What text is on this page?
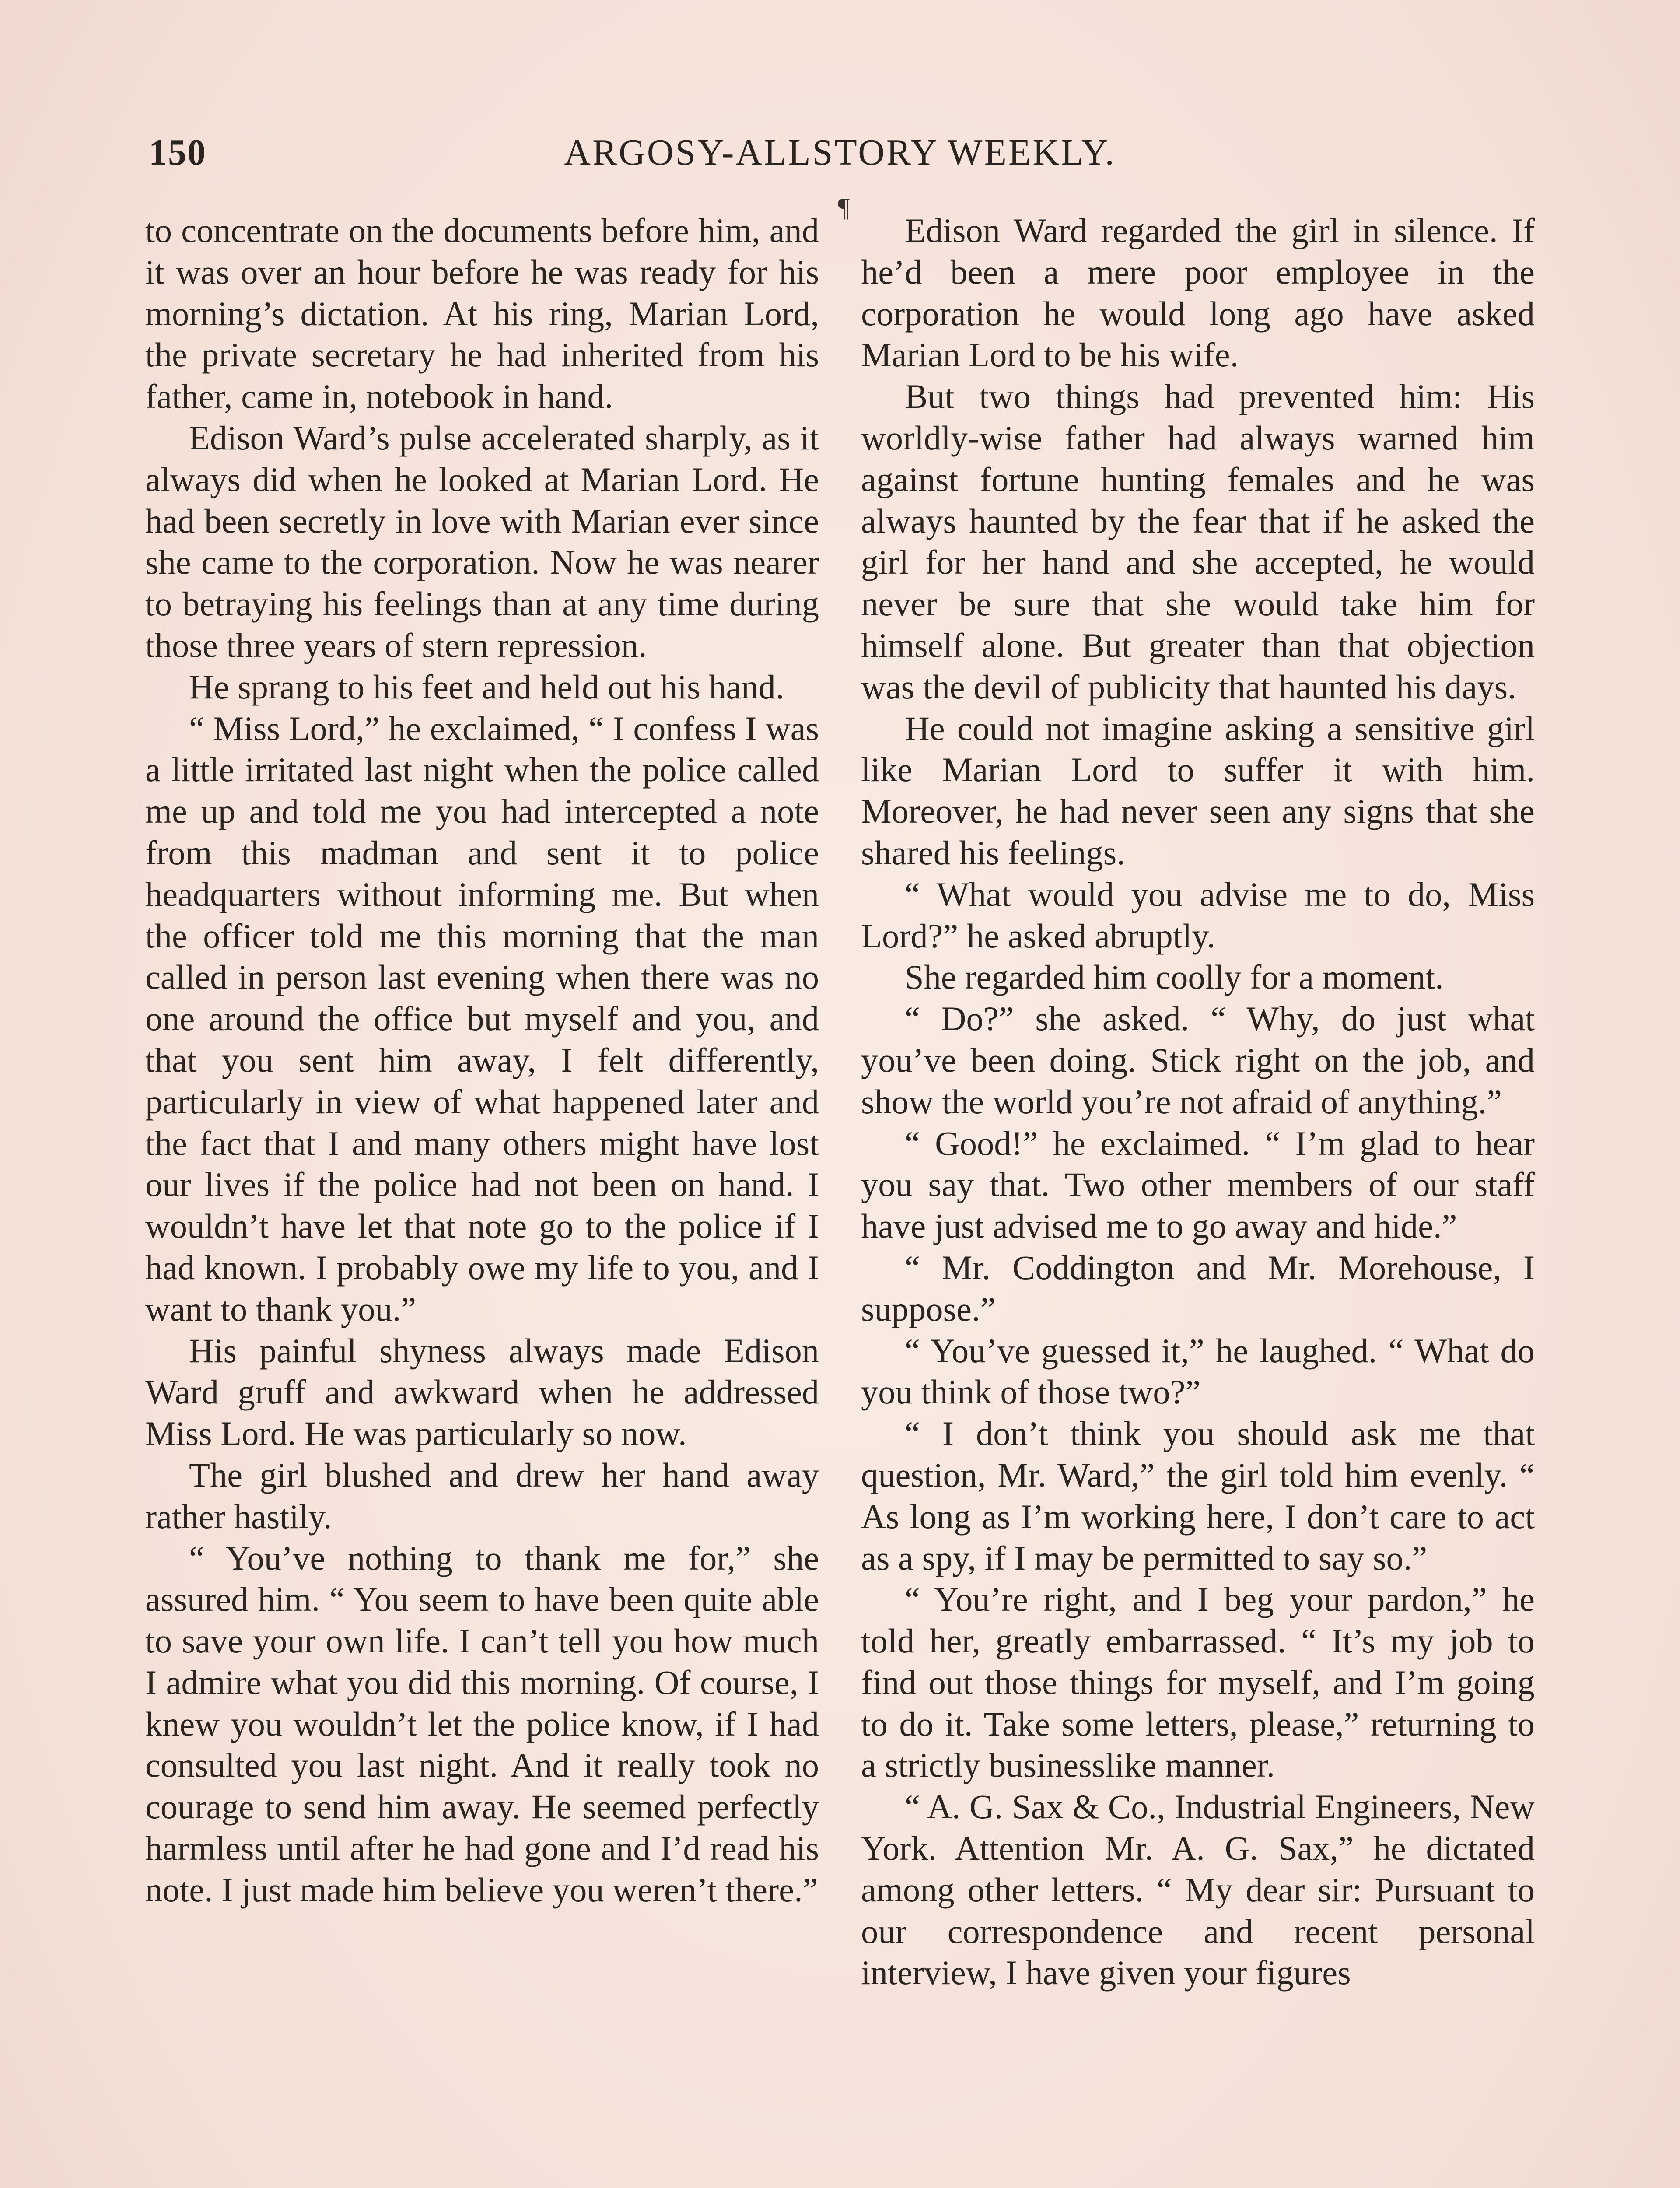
150	ARGOSY-ALLSTORY WEEKLY.
¶

to concentrate on the documents before him, and it was over an hour before he was ready for his morning’s dictation. At his ring, Marian Lord, the private secretary he had inherited from his father, came in, notebook in hand.

Edison Ward’s pulse accelerated sharply, as it always did when he looked at Marian Lord. He had been secretly in love with Marian ever since she came to the corporation. Now he was nearer to betraying his feelings than at any time during those three years of stern repression.

He sprang to his feet and held out his hand.

“ Miss Lord,” he exclaimed, “ I confess I was a little irritated last night when the police called me up and told me you had intercepted a note from this madman and sent it to police headquarters without informing me. But when the officer told me this morning that the man called in person last evening when there was no one around the office but myself and you, and that you sent him away, I felt differently, particularly in view of what happened later and the fact that I and many others might have lost our lives if the police had not been on hand. I wouldn’t have let that note go to the police if I had known. I probably owe my life to you, and I want to thank you.”

His painful shyness always made Edison Ward gruff and awkward when he addressed Miss Lord. He was particularly so now.

The girl blushed and drew her hand away rather hastily.

“ You’ve nothing to thank me for,” she assured him. “ You seem to have been quite able to save your own life. I can’t tell you how much I admire what you did this morning. Of course, I knew you wouldn’t let the police know, if I had consulted you last night. And it really took no courage to send him away. He seemed perfectly harmless until after he had gone and I’d read his note. I just made him believe you weren’t there.”

Edison Ward regarded the girl in silence. If he’d been a mere poor employee in the corporation he would long ago have asked Marian Lord to be his wife.

But two things had prevented him: His worldly-wise father had always warned him against fortune hunting females and he was always haunted by the fear that if he asked the girl for her hand and she accepted, he would never be sure that she would take him for himself alone. But greater than that objection was the devil of publicity that haunted his days.

He could not imagine asking a sensitive girl like Marian Lord to suffer it with him. Moreover, he had never seen any signs that she shared his feelings.

“ What would you advise me to do, Miss Lord?” he asked abruptly.

She regarded him coolly for a moment.

“ Do?” she asked. “ Why, do just what you’ve been doing. Stick right on the job, and show the world you’re not afraid of anything.”

“ Good!” he exclaimed. “ I’m glad to hear you say that. Two other members of our staff have just advised me to go away and hide.”

“ Mr. Coddington and Mr. Morehouse, I suppose.”

“ You’ve guessed it,” he laughed. “ What do you think of those two?”

“ I don’t think you should ask me that question, Mr. Ward,” the girl told him evenly. “ As long as I’m working here, I don’t care to act as a spy, if I may be permitted to say so.”

“ You’re right, and I beg your pardon,” he told her, greatly embarrassed. “ It’s my job to find out those things for myself, and I’m going to do it. Take some letters, please,” returning to a strictly businesslike manner.

“ A. G. Sax & Co., Industrial Engineers, New York. Attention Mr. A. G. Sax,” he dictated among other letters. “ My dear sir: Pursuant to our correspondence and recent personal interview, I have given your figures
